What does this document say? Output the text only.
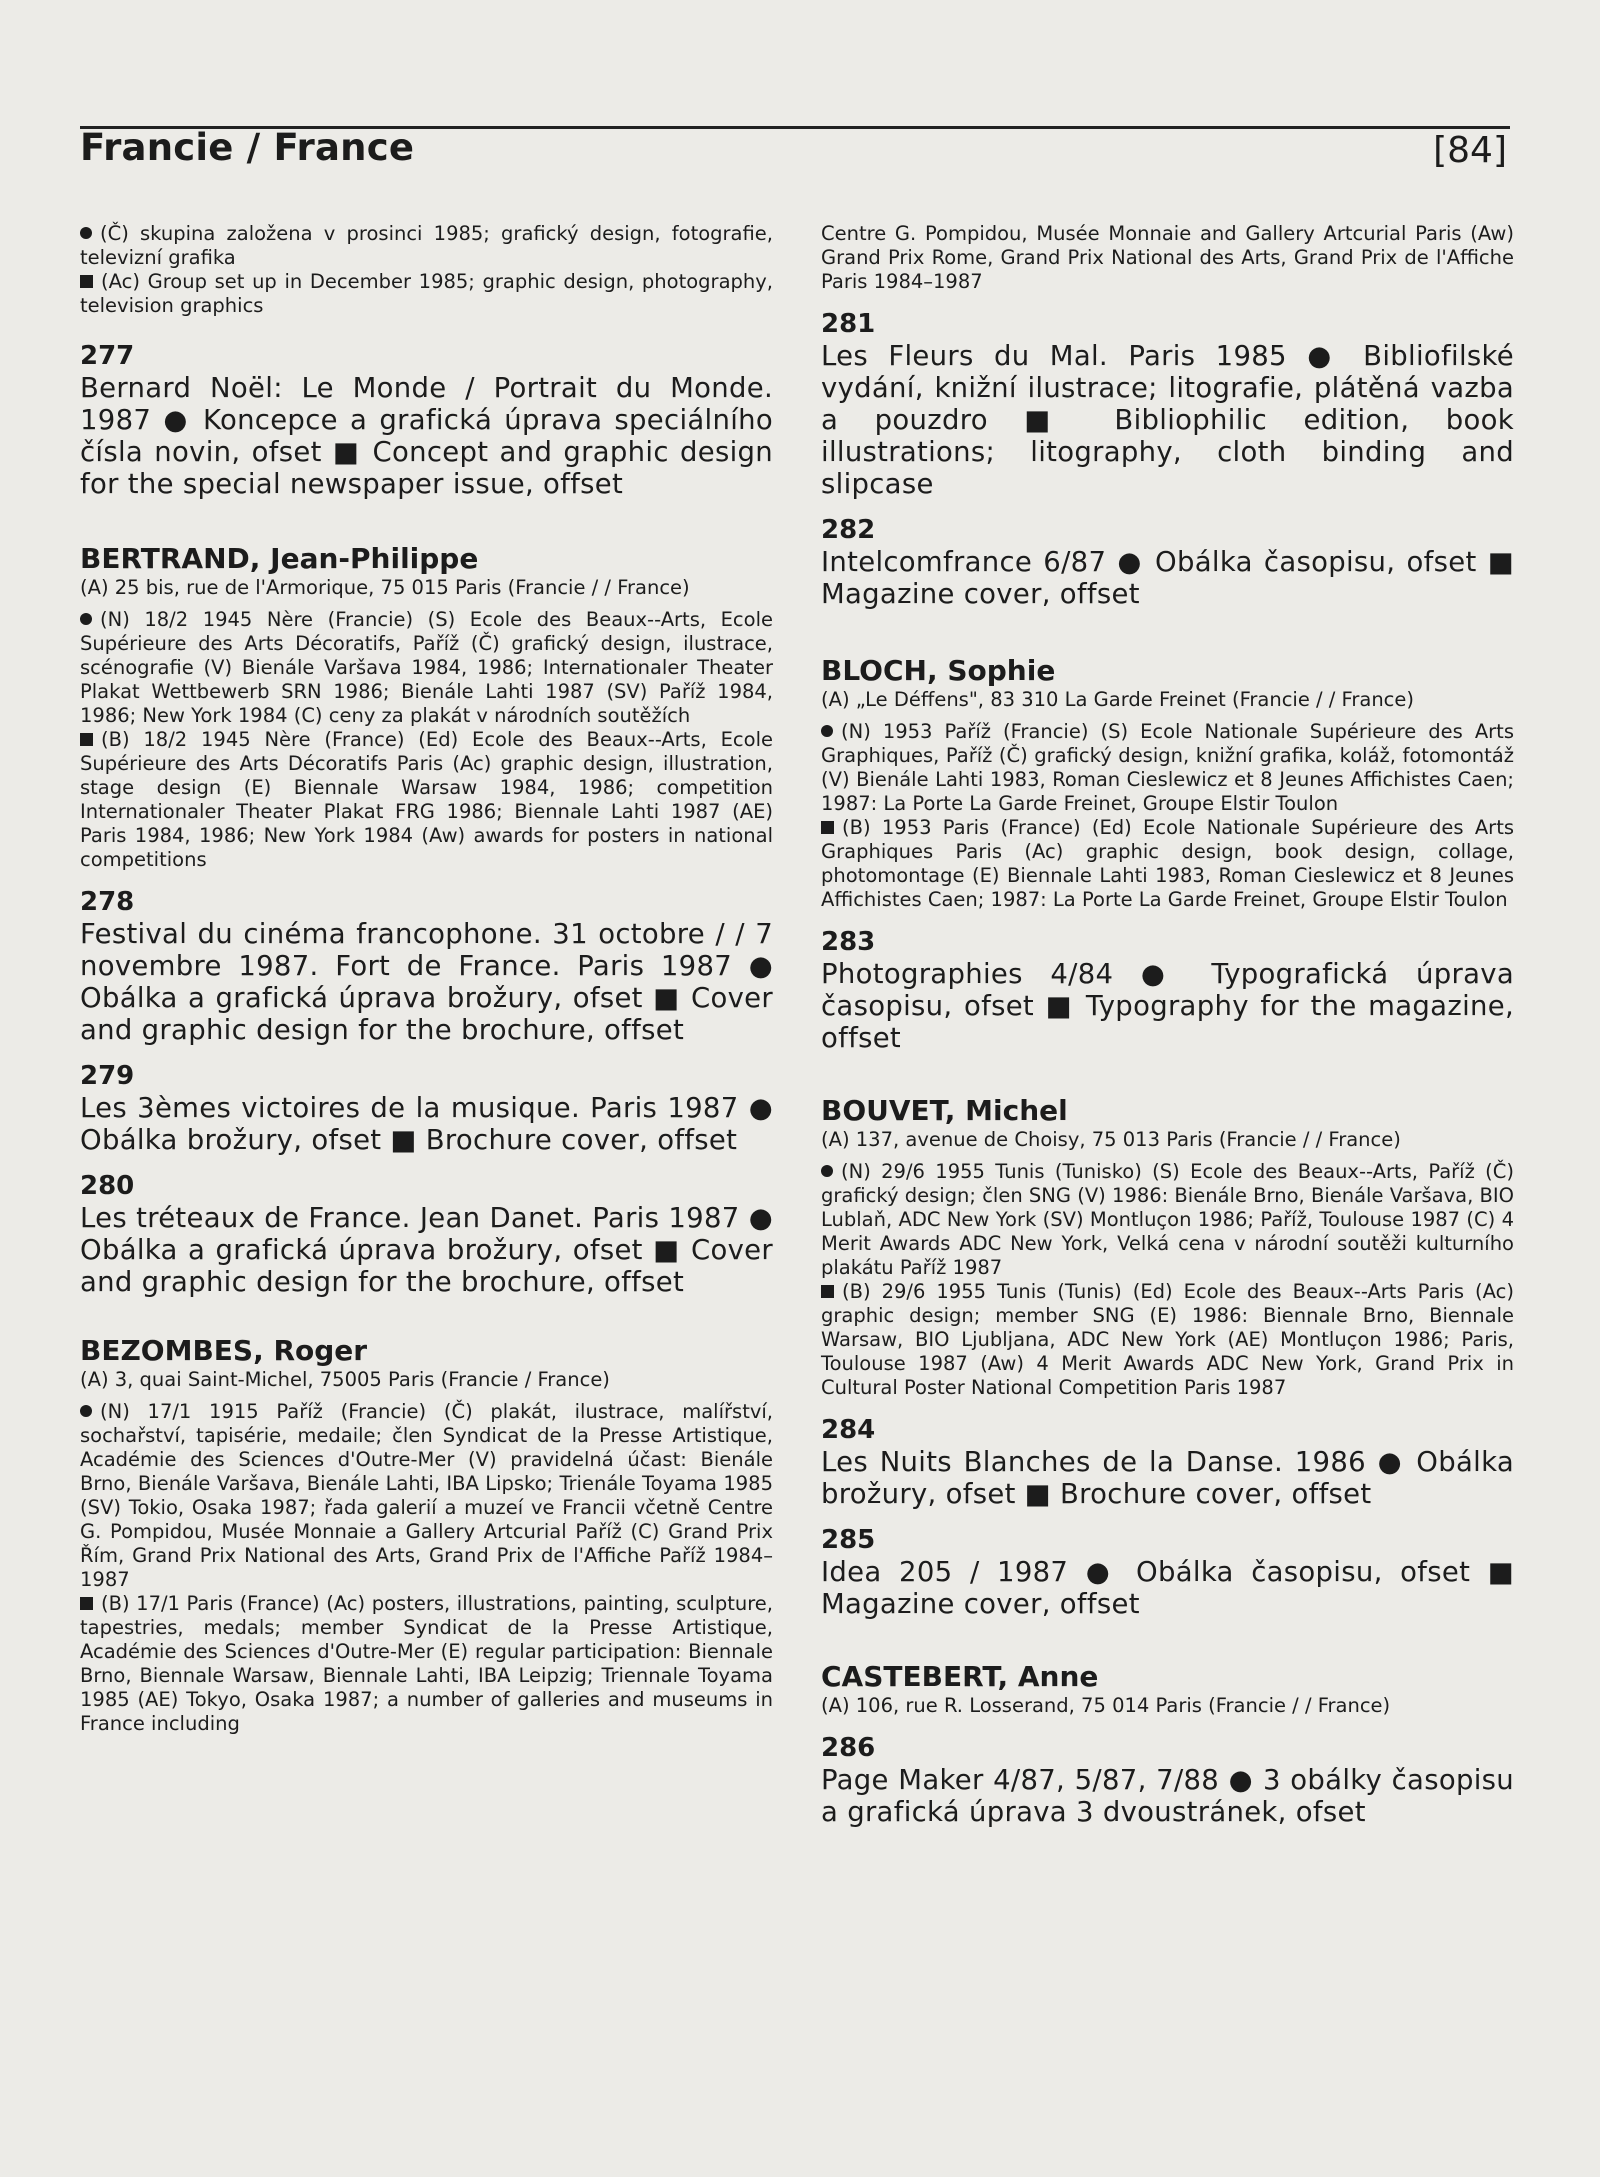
Francie / France	[84]

(Č) skupina založena v prosinci 1985; grafický design, fotografie, televizní grafika

(Ac) Group set up in December 1985; graphic design, photography, television graphics

277

Bernard Noël: Le Monde / Portrait du Monde. 1987 ● Koncepce a grafická úprava speciálního čísla novin, ofset ■ Concept and graphic design for the special newspaper issue, offset

BERTRAND, Jean-Philippe

(A) 25 bis, rue de l'Armorique, 75 015 Paris (Francie / / France)

(N) 18/2 1945 Nère (Francie) (S) Ecole des Beaux--Arts, Ecole Supérieure des Arts Décoratifs, Paříž (Č) grafický design, ilustrace, scénografie (V) Bienále Varšava 1984, 1986; Internationaler Theater Plakat Wettbewerb SRN 1986; Bienále Lahti 1987 (SV) Paříž 1984, 1986; New York 1984 (C) ceny za plakát v národních soutěžích

(B) 18/2 1945 Nère (France) (Ed) Ecole des Beaux--Arts, Ecole Supérieure des Arts Décoratifs Paris (Ac) graphic design, illustration, stage design (E) Biennale Warsaw 1984, 1986; competition Internationaler Theater Plakat FRG 1986; Biennale Lahti 1987 (AE) Paris 1984, 1986; New York 1984 (Aw) awards for posters in national competitions

278

Festival du cinéma francophone. 31 octobre / / 7 novembre 1987. Fort de France. Paris 1987 ● Obálka a grafická úprava brožury, ofset ■ Cover and graphic design for the brochure, offset

279

Les 3èmes victoires de la musique. Paris 1987 ● Obálka brožury, ofset ■ Brochure cover, offset

280

Les tréteaux de France. Jean Danet. Paris 1987 ● Obálka a grafická úprava brožury, ofset ■ Cover and graphic design for the brochure, offset

BEZOMBES, Roger

(A) 3, quai Saint-Michel, 75005 Paris (Francie / France)

(N) 17/1 1915 Paříž (Francie) (Č) plakát, ilustrace, malířství, sochařství, tapisérie, medaile; člen Syndicat de la Presse Artistique, Académie des Sciences d'Outre-Mer (V) pravidelná účast: Bienále Brno, Bienále Varšava, Bienále Lahti, IBA Lipsko; Trienále Toyama 1985 (SV) Tokio, Osaka 1987; řada galerií a muzeí ve Francii včetně Centre G. Pompidou, Musée Monnaie a Gallery Artcurial Paříž (C) Grand Prix Řím, Grand Prix National des Arts, Grand Prix de l'Affiche Paříž 1984–1987

(B) 17/1 Paris (France) (Ac) posters, illustrations, painting, sculpture, tapestries, medals; member Syndicat de la Presse Artistique, Académie des Sciences d'Outre-Mer (E) regular participation: Biennale Brno, Biennale Warsaw, Biennale Lahti, IBA Leipzig; Triennale Toyama 1985 (AE) Tokyo, Osaka 1987; a number of galleries and museums in France including

Centre G. Pompidou, Musée Monnaie and Gallery Artcurial Paris (Aw) Grand Prix Rome, Grand Prix National des Arts, Grand Prix de l'Affiche Paris 1984–1987

281

Les Fleurs du Mal. Paris 1985 ● Bibliofilské vydání, knižní ilustrace; litografie, plátěná vazba a pouzdro ■ Bibliophilic edition, book illustrations; litography, cloth binding and slipcase

282

Intelcomfrance 6/87 ● Obálka časopisu, ofset ■ Magazine cover, offset

BLOCH, Sophie

(A) „Le Déffens", 83 310 La Garde Freinet (Francie / / France)

(N) 1953 Paříž (Francie) (S) Ecole Nationale Supérieure des Arts Graphiques, Paříž (Č) grafický design, knižní grafika, koláž, fotomontáž (V) Bienále Lahti 1983, Roman Cieslewicz et 8 Jeunes Affichistes Caen; 1987: La Porte La Garde Freinet, Groupe Elstir Toulon

(B) 1953 Paris (France) (Ed) Ecole Nationale Supérieure des Arts Graphiques Paris (Ac) graphic design, book design, collage, photomontage (E) Biennale Lahti 1983, Roman Cieslewicz et 8 Jeunes Affichistes Caen; 1987: La Porte La Garde Freinet, Groupe Elstir Toulon

283

Photographies 4/84 ● Typografická úprava časopisu, ofset ■ Typography for the magazine, offset

BOUVET, Michel

(A) 137, avenue de Choisy, 75 013 Paris (Francie / / France)

(N) 29/6 1955 Tunis (Tunisko) (S) Ecole des Beaux--Arts, Paříž (Č) grafický design; člen SNG (V) 1986: Bienále Brno, Bienále Varšava, BIO Lublaň, ADC New York (SV) Montluçon 1986; Paříž, Toulouse 1987 (C) 4 Merit Awards ADC New York, Velká cena v národní soutěži kulturního plakátu Paříž 1987

(B) 29/6 1955 Tunis (Tunis) (Ed) Ecole des Beaux--Arts Paris (Ac) graphic design; member SNG (E) 1986: Biennale Brno, Biennale Warsaw, BIO Ljubljana, ADC New York (AE) Montluçon 1986; Paris, Toulouse 1987 (Aw) 4 Merit Awards ADC New York, Grand Prix in Cultural Poster National Competition Paris 1987

284

Les Nuits Blanches de la Danse. 1986 ● Obálka brožury, ofset ■ Brochure cover, offset

285

Idea 205 / 1987 ● Obálka časopisu, ofset ■ Magazine cover, offset

CASTEBERT, Anne

(A) 106, rue R. Losserand, 75 014 Paris (Francie / / France)

286

Page Maker 4/87, 5/87, 7/88 ● 3 obálky časopisu a grafická úprava 3 dvoustránek, ofset
